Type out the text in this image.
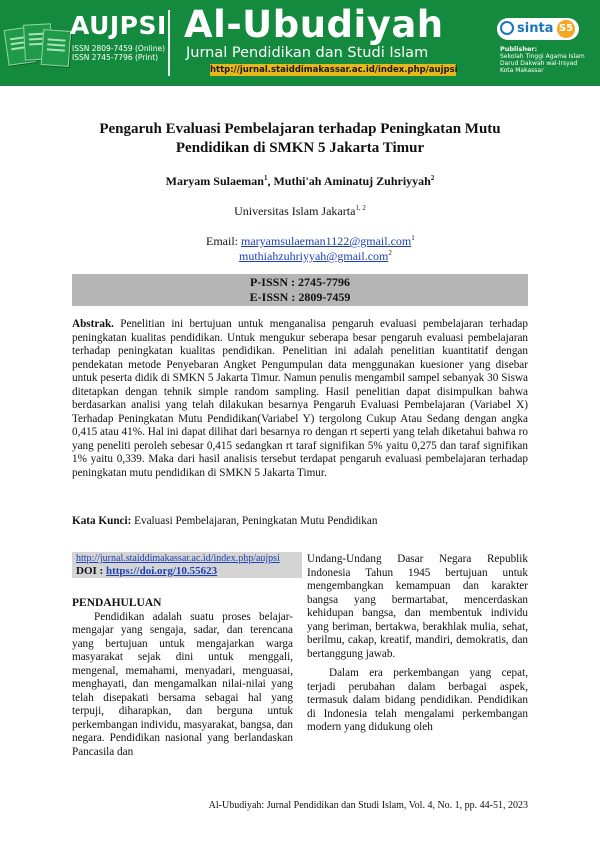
AUJPSI
ISSN 2809-7459 (Online)
ISSN 2745-7796 (Print)
Al-Ubudiyah
Jurnal Pendidikan dan Studi Islam
http://jurnal.staiddimakassar.ac.id/index.php/aujpsi
sinta S5
Publisher:
Sekolah Tinggi Agama Islam
Darud Dakwah wal-Irsyad
Kota Makassar
Pengaruh Evaluasi Pembelajaran terhadap Peningkatan Mutu
Pendidikan di SMKN 5 Jakarta Timur
Maryam Sulaeman$^1$, Muthi'ah Aminatuj Zuhriyyah$^2$
Universitas Islam Jakarta$^{1, 2}$
Email: maryamsulaeman1122@gmail.com$^1$
muthiahzuhriyyah@gmail.com$^2$
P-ISSN : 2745-7796
E-ISSN : 2809-7459
Abstrak. Penelitian ini bertujuan untuk menganalisa pengaruh evaluasi pembelajaran terhadap peningkatan kualitas pendidikan. Untuk mengukur seberapa besar pengaruh evaluasi pembelajaran terhadap peningkatan kualitas pendidikan. Penelitian ini adalah penelitian kuantitatif dengan pendekatan metode Penyebaran Angket Pengumpulan data menggunakan kuesioner yang disebar untuk peserta didik di SMKN 5 Jakarta Timur. Namun penulis mengambil sampel sebanyak 30 Siswa ditetapkan dengan tehnik simple random sampling. Hasil penelitian dapat disimpulkan bahwa berdasarkan analisi yang telah dilakukan besarnya Pengaruh Evaluasi Pembelajaran (Variabel X) Terhadap Peningkatan Mutu Pendidikan(Variabel Y) tergolong Cukup Atau Sedang dengan angka 0,415 atau 41%. Hal ini dapat dilihat dari besarnya ro dengan rt seperti yang telah diketahui bahwa ro yang peneliti peroleh sebesar 0,415 sedangkan rt taraf signifikan 5% yaitu 0,275 dan taraf signifikan 1% yaitu 0,339. Maka dari hasil analisis tersebut terdapat pengaruh evaluasi pembelajaran terhadap peningkatan mutu pendidikan di SMKN 5 Jakarta Timur.
Kata Kunci: Evaluasi Pembelajaran, Peningkatan Mutu Pendidikan
http://jurnal.staiddimakassar.ac.id/index.php/aujpsi
DOI : https://doi.org/10.55623

PENDAHULUAN

Pendidikan adalah suatu proses belajar-mengajar yang sengaja, sadar, dan terencana yang bertujuan untuk mengajarkan warga masyarakat sejak dini untuk menggali, mengenal, memahami, menyadari, menguasai, menghayati, dan mengamalkan nilai-nilai yang telah disepakati bersama sebagai hal yang terpuji, diharapkan, dan berguna untuk perkembangan individu, masyarakat, bangsa, dan negara. Pendidikan nasional yang berlandaskan Pancasila dan

Undang-Undang Dasar Negara Republik Indonesia Tahun 1945 bertujuan untuk mengembangkan kemampuan dan karakter bangsa yang bermartabat, mencerdaskan kehidupan bangsa, dan membentuk individu yang beriman, bertakwa, berakhlak mulia, sehat, berilmu, cakap, kreatif, mandiri, demokratis, dan bertanggung jawab.

Dalam era perkembangan yang cepat, terjadi perubahan dalam berbagai aspek, termasuk dalam bidang pendidikan. Pendidikan di Indonesia telah mengalami perkembangan modern yang didukung oleh

Al-Ubudiyah: Jurnal Pendidikan dan Studi Islam, Vol. 4, No. 1, pp. 44-51, 2023
